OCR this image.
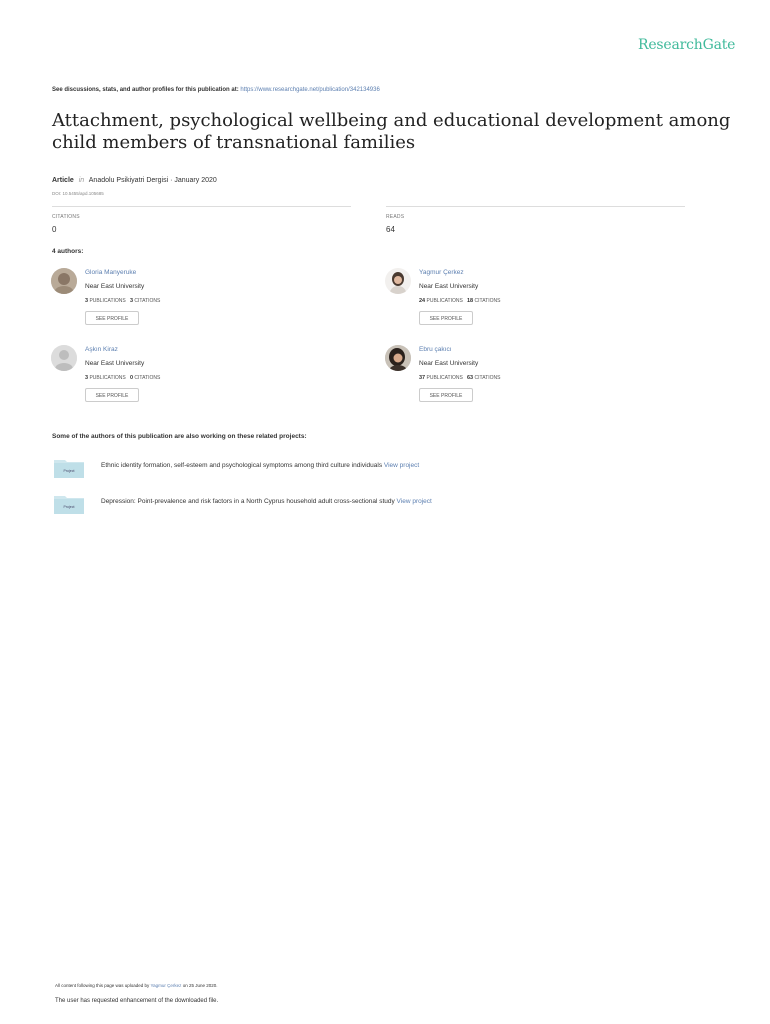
ResearchGate
See discussions, stats, and author profiles for this publication at: https://www.researchgate.net/publication/342134936
Attachment, psychological wellbeing and educational development among child members of transnational families
Article in Anadolu Psikiyatri Dergisi · January 2020
DOI: 10.5455/apd.105685
CITATIONS
0
READS
64
4 authors:
Gloria Manyeruke
Near East University
3 PUBLICATIONS 3 CITATIONS
SEE PROFILE
Yagmur Çerkez
Near East University
24 PUBLICATIONS 18 CITATIONS
SEE PROFILE
Aşkın Kiraz
Near East University
3 PUBLICATIONS 0 CITATIONS
SEE PROFILE
Ebru çakıcı
Near East University
37 PUBLICATIONS 63 CITATIONS
SEE PROFILE
Some of the authors of this publication are also working on these related projects:
Project
Ethnic identity formation, self-esteem and psychological symptoms among third culture individuals View project
Project
Depression: Point-prevalence and risk factors in a North Cyprus household adult cross-sectional study View project
All content following this page was uploaded by Yagmur Çerkez on 25 June 2020.
The user has requested enhancement of the downloaded file.
